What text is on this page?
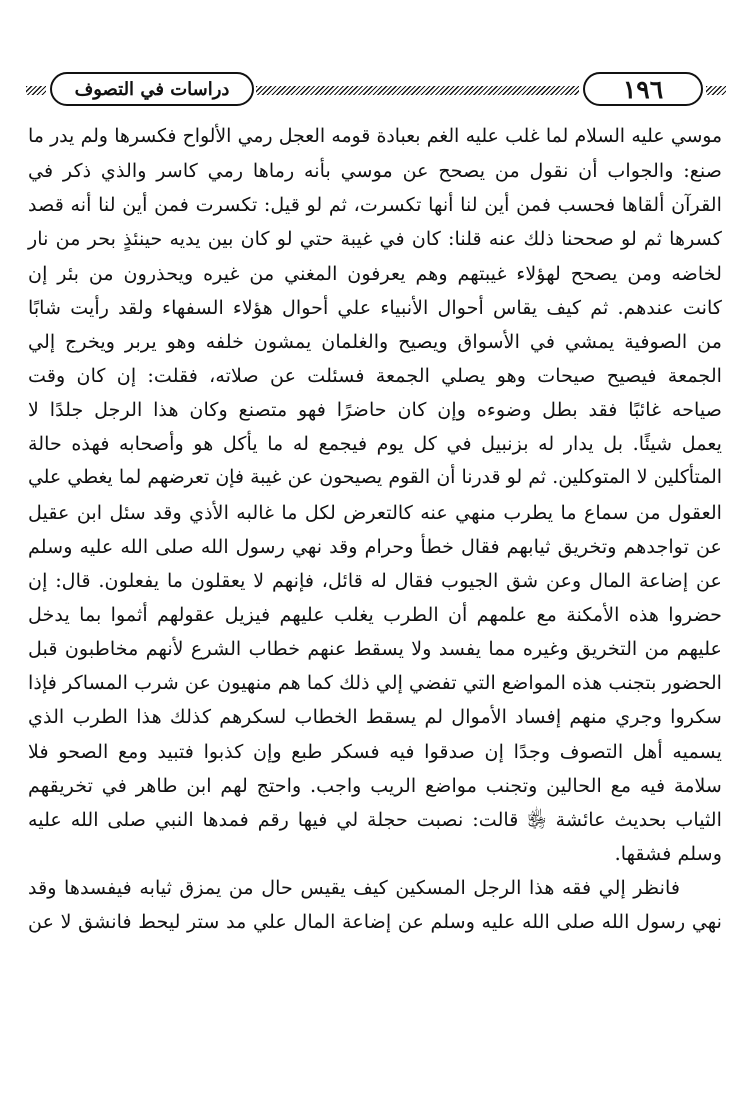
دراسات في التصوف	١٩٦
موسي عليه السلام لما غلب عليه الغم بعبادة قومه العجل رمي الألواح فكسرها ولم يدر ما
صنع: والجواب أن نقول من يصحح عن موسي بأنه رماها رمي كاسر والذي ذكر في
القرآن ألقاها فحسب فمن أين لنا أنها تكسرت، ثم لو قيل: تكسرت فمن أين لنا أنه قصد
كسرها ثم لو صححنا ذلك عنه قلنا: كان في غيبة حتي لو كان بين يديه حينئذٍ بحر من نار
لخاضه ومن يصحح لهؤلاء غيبتهم وهم يعرفون المغني من غيره ويحذرون من بئر إن
كانت عندهم. ثم كيف يقاس أحوال الأنبياء علي أحوال هؤلاء السفهاء ولقد رأيت شابًا
من الصوفية يمشي في الأسواق ويصيح والغلمان يمشون خلفه وهو يربر ويخرج إلي
الجمعة فيصيح صيحات وهو يصلي الجمعة فسئلت عن صلاته، فقلت: إن كان وقت
صياحه غائبًا فقد بطل وضوءه وإن كان حاضرًا فهو متصنع وكان هذا الرجل جلدًا لا
يعمل شيئًا. بل يدار له بزنبيل في كل يوم فيجمع له ما يأكل هو وأصحابه فهذه حالة
المتأكلين لا المتوكلين. ثم لو قدرنا أن القوم يصيحون عن غيبة فإن تعرضهم لما يغطي علي
العقول من سماع ما يطرب منهي عنه كالتعرض لكل ما غالبه الأذي وقد سئل ابن عقيل
عن تواجدهم وتخريق ثيابهم فقال خطأ وحرام وقد نهي رسول الله صلى الله عليه وسلم
عن إضاعة المال وعن شق الجيوب فقال له قائل، فإنهم لا يعقلون ما يفعلون. قال: إن
حضروا هذه الأمكنة مع علمهم أن الطرب يغلب عليهم فيزيل عقولهم أثموا بما يدخل
عليهم من التخريق وغيره مما يفسد ولا يسقط عنهم خطاب الشرع لأنهم مخاطبون قبل
الحضور بتجنب هذه المواضع التي تفضي إلي ذلك كما هم منهيون عن شرب المساكر فإذا
سكروا وجري منهم إفساد الأموال لم يسقط الخطاب لسكرهم كذلك هذا الطرب الذي
يسميه أهل التصوف وجدًا إن صدقوا فيه فسكر طبع وإن كذبوا فتبيد ومع الصحو فلا
سلامة فيه مع الحالين وتجنب مواضع الريب واجب. واحتج لهم ابن طاهر في تخريقهم
الثياب بحديث عائشة ﵂ قالت: نصبت حجلة لي فيها رقم فمدها النبي صلى الله عليه
وسلم فشقها.
فانظر إلي فقه هذا الرجل المسكين كيف يقيس حال من يمزق ثيابه فيفسدها وقد
نهي رسول الله صلى الله عليه وسلم عن إضاعة المال علي مد ستر ليحط فانشق لا عن
